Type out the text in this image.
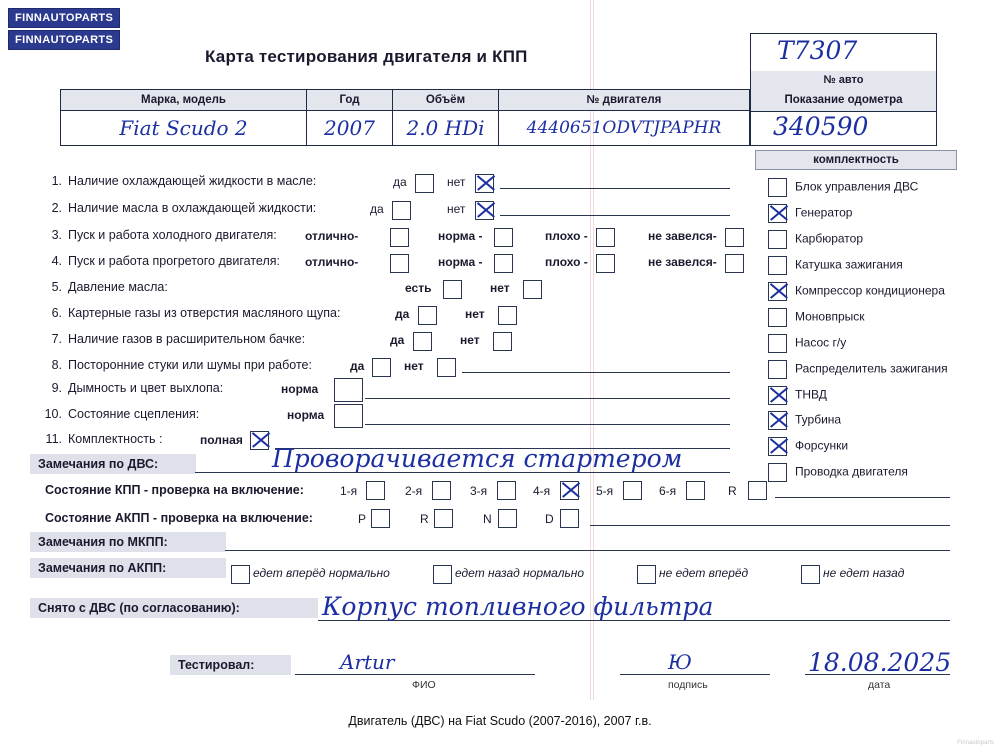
FINNAUTOPARTS
FINNAUTOPARTS
Карта тестирования двигателя и КПП	T7307
№ авто
Показание одометра
340590
Марка, модель	Год	Объём	№ двигателя
Fiat Scudo 2	2007	2.0 HDi	4440651ODVTJPAPHR
1. Наличие охлаждающей жидкости в масле:	да	нет
2. Наличие масла в охлаждающей жидкости:	да	нет
3. Пуск и работа холодного двигателя: отлично-	норма -	плохо -	не завелся-
4. Пуск и работа прогретого двигателя: отлично-	норма -	плохо -	не завелся-
5. Давление масла:	есть	нет
6. Картерные газы из отверстия масляного щупа:	да	нет
7. Наличие газов в расширительном бачке:	да	нет
8. Посторонние стуки или шумы при работе:	да	нет
9. Дымность и цвет выхлопа:	норма
10. Состояние сцепления:	норма
11. Комплектность :	полная
комплектность
Блок управления ДВС
Генератор
Карбюратор
Катушка зажигания
Компрессор кондиционера
Моновпрыск
Насос г/у
Распределитель зажигания
ТНВД
Турбина
Форсунки
Проводка двигателя
Замечания по ДВС:	Проворачивается стартером
Состояние КПП - проверка на включение:	1-я	2-я	3-я	4-я	5-я	6-я	R
Состояние АКПП - проверка на включение:	P	R	N	D
Замечания по МКПП:
Замечания по АКПП:	едет вперёд нормально	едет назад нормально	не едет вперёд	не едет назад
Снято с ДВС (по согласованию):	Корпус топливного фильтра
Тестировал:	Artur
ФИО
Ю
подпись
18.08.2025
дата
Двигатель (ДВС) на Fiat Scudo (2007-2016), 2007 г.в.
Finnautoparts
